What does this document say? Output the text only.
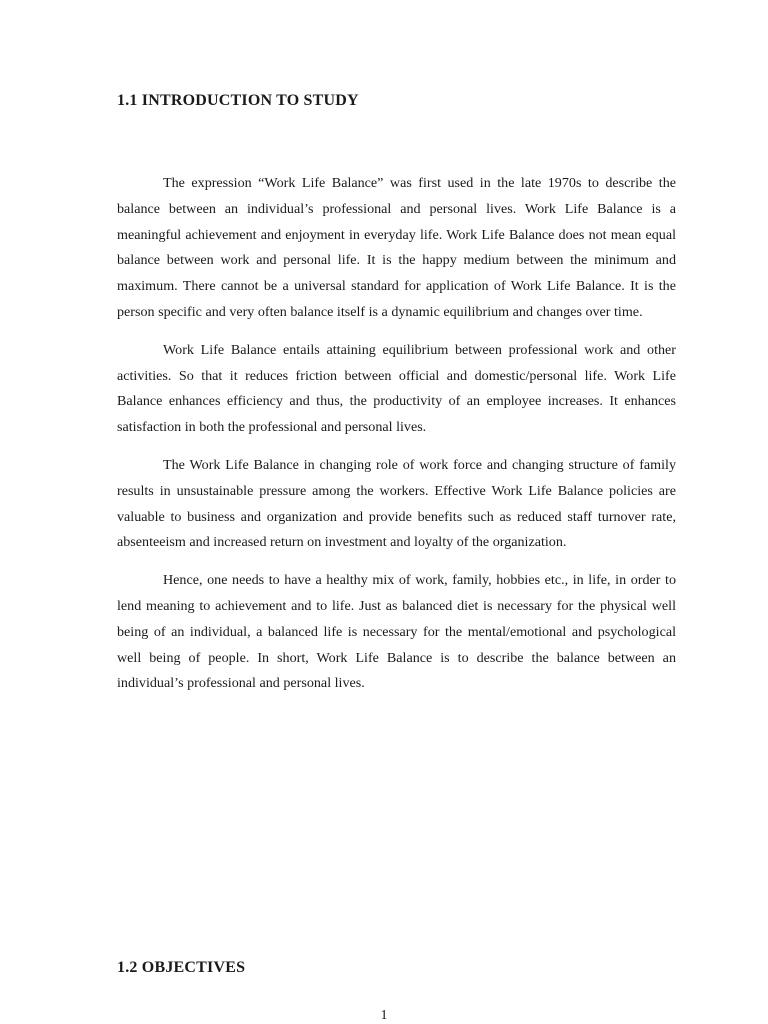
1.1 INTRODUCTION TO STUDY

The expression “Work Life Balance” was first used in the late 1970s to describe the balance between an individual’s professional and personal lives. Work Life Balance is a meaningful achievement and enjoyment in everyday life. Work Life Balance does not mean equal balance between work and personal life. It is the happy medium between the minimum and maximum. There cannot be a universal standard for application of Work Life Balance. It is the person specific and very often balance itself is a dynamic equilibrium and changes over time.

Work Life Balance entails attaining equilibrium between professional work and other activities. So that it reduces friction between official and domestic/personal life. Work Life Balance enhances efficiency and thus, the productivity of an employee increases. It enhances satisfaction in both the professional and personal lives.

The Work Life Balance in changing role of work force and changing structure of family results in unsustainable pressure among the workers. Effective Work Life Balance policies are valuable to business and organization and provide benefits such as reduced staff turnover rate, absenteeism and increased return on investment and loyalty of the organization.

Hence, one needs to have a healthy mix of work, family, hobbies etc., in life, in order to lend meaning to achievement and to life. Just as balanced diet is necessary for the physical well being of an individual, a balanced life is necessary for the mental/emotional and psychological well being of people. In short, Work Life Balance is to describe the balance between an individual’s professional and personal lives.

1.2 OBJECTIVES

1
